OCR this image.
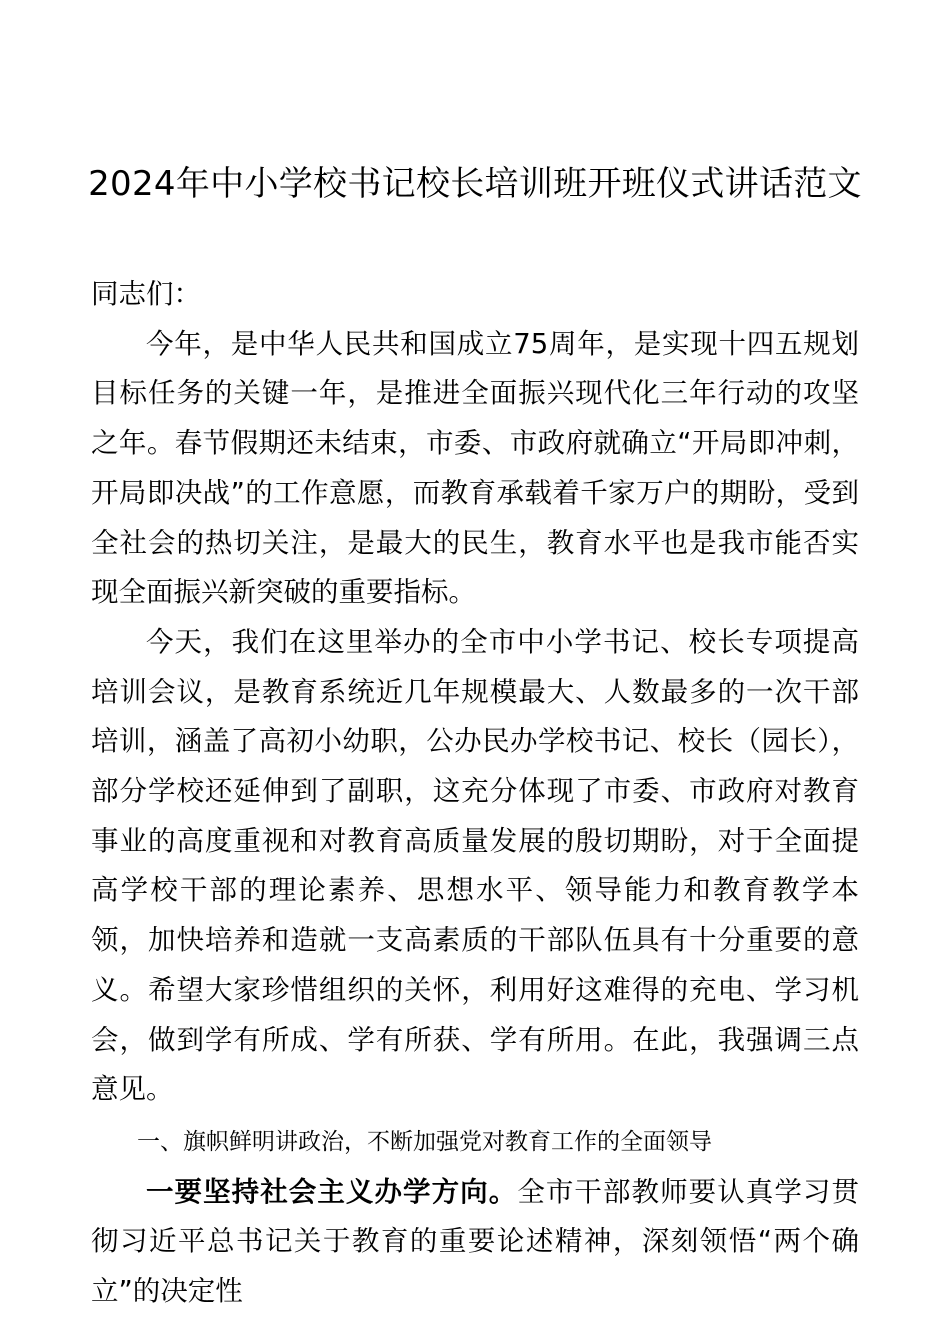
2024年中小学校书记校长培训班开班仪式讲话范文

同志们：

今年，是中华人民共和国成立75周年，是实现十四五规划目标任务的关键一年，是推进全面振兴现代化三年行动的攻坚之年。春节假期还未结束，市委、市政府就确立“开局即冲刺，开局即决战”的工作意愿，而教育承载着千家万户的期盼，受到全社会的热切关注，是最大的民生，教育水平也是我市能否实现全面振兴新突破的重要指标。

今天，我们在这里举办的全市中小学书记、校长专项提高培训会议，是教育系统近几年规模最大、人数最多的一次干部培训，涵盖了高初小幼职，公办民办学校书记、校长（园长），部分学校还延伸到了副职，这充分体现了市委、市政府对教育事业的高度重视和对教育高质量发展的殷切期盼，对于全面提高学校干部的理论素养、思想水平、领导能力和教育教学本领，加快培养和造就一支高素质的干部队伍具有十分重要的意义。希望大家珍惜组织的关怀，利用好这难得的充电、学习机会，做到学有所成、学有所获、学有所用。在此，我强调三点意见。

一、旗帜鲜明讲政治，不断加强党对教育工作的全面领导

一要坚持社会主义办学方向。全市干部教师要认真学习贯彻习近平总书记关于教育的重要论述精神，深刻领悟“两个确立”的决定性
